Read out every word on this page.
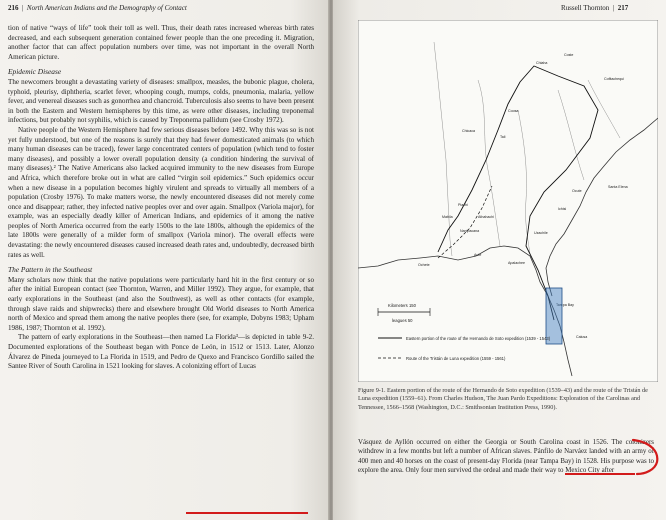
216  |  North American Indians and the Demography of Contact

tion of native “ways of life” took their toll as well. Thus, their death rates increased whereas birth rates decreased, and each subsequent generation contained fewer people than the one preceding it. Migration, another factor that can affect population numbers over time, was not important in the overall North American picture.

Epidemic Disease

The newcomers brought a devastating variety of diseases: smallpox, measles, the bubonic plague, cholera, typhoid, pleurisy, diphtheria, scarlet fever, whooping cough, mumps, colds, pneumonia, malaria, yellow fever, and venereal diseases such as gonorrhea and chancroid. Tuberculosis also seems to have been present in both the Eastern and Western hemispheres by this time, as were other diseases, including treponemal infections, but probably not syphilis, which is caused by Treponema pallidum (see Crosby 1972).

Native people of the Western Hemisphere had few serious diseases before 1492. Why this was so is not yet fully understood, but one of the reasons is surely that they had fewer domesticated animals (to which many human diseases can be traced), fewer large concentrated centers of population (which tend to foster many diseases), and possibly a lower overall population density (a condition hindering the survival of many diseases).² The Native Americans also lacked acquired immunity to the new diseases from Europe and Africa, which therefore broke out in what are called “virgin soil epidemics.” Such epidemics occur when a new disease in a population becomes highly virulent and spreads to virtually all members of a population (Crosby 1976). To make matters worse, the newly encountered diseases did not merely come once and disappear; rather, they infected native peoples over and over again. Smallpox (Variola major), for example, was an especially deadly killer of American Indians, and epidemics of it among the native peoples of North America occurred from the early 1500s to the late 1800s, although the epidemics of the late 1800s were generally of a milder form of smallpox (Variola minor). The overall effects were devastating: the newly encountered diseases caused increased death rates and, undoubtedly, decreased birth rates as well.

The Pattern in the Southeast

Many scholars now think that the native populations were particularly hard hit in the first century or so after the initial European contact (see Thornton, Warren, and Miller 1992). They argue, for example, that early explorations in the Southeast (and also the Southwest), as well as other contacts (for example, through slave raids and shipwrecks) there and elsewhere brought Old World diseases to North America north of Mexico and spread them among the native peoples there (see, for example, Dobyns 1983; Upham 1986, 1987; Thornton et al. 1992).

The pattern of early explorations in the Southeast—then named La Florida³—is depicted in table 9-2. Documented explorations of the Southeast began with Ponce de León, in 1512 or 1513. Later, Alonzo Álvarez de Pineda journeyed to La Florida in 1519, and Pedro de Quexo and Francisco Gordillo sailed the Santee River of South Carolina in 1521 looking for slaves. A colonizing effort of Lucas

Russell Thornton  |  217
Chiaha
Cofitachequi
Ocute
Ichisi
Coosa
Tali
Chicaca
Mabila
Piachi
Athahachi
Apalachee
Uzachile
Aute
Ochete
Calusa
Tampa Bay
Santa Elena
Coste
Nanipacana
Kilometers 150
leagues 50
Eastern portion of the route of the Hernando de Soto expedition (1539 - 1543)
Route of the Tristán de Luna expedition (1559 - 1561)
Figure 9-1. Eastern portion of the route of the Hernando de Soto expedition (1539–43) and the route of the Tristán de Luna expedition (1559–61). From Charles Hudson, The Juan Pardo Expeditions: Exploration of the Carolinas and Tennessee, 1566–1568 (Washington, D.C.: Smithsonian Institution Press, 1990).

Vásquez de Ayllón occurred on either the Georgia or South Carolina coast in 1526. The colonizers withdrew in a few months but left a number of African slaves. Pánfilo de Narváez landed with an army of 400 men and 40 horses on the coast of present-day Florida (near Tampa Bay) in 1528. His purpose was to explore the area. Only four men survived the ordeal and made their way to Mexico City after
